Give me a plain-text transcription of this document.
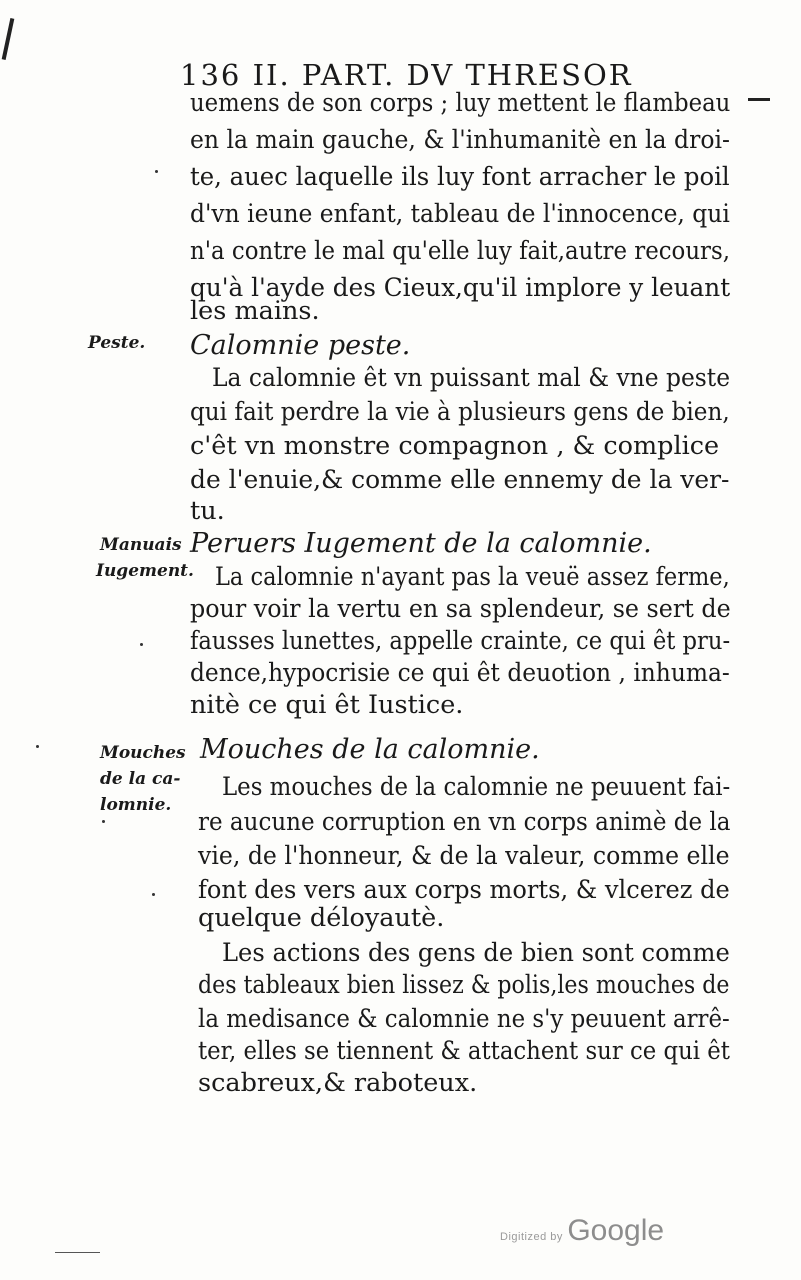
136 II. PART. DV THRESOR
Peste.
Manuais
Iugement.
Mouches
de la ca-
lomnie.
uemens de son corps ; luy mettent le flambeau
en la main gauche, & l'inhumanitè en la droi-
te, auec laquelle ils luy font arracher le poil
d'vn ieune enfant, tableau de l'innocence, qui
n'a contre le mal qu'elle luy fait,autre recours,
qu'à l'ayde des Cieux,qu'il implore y leuant
les mains.
Calomnie peste.
La calomnie êt vn puissant mal & vne peste
qui fait perdre la vie à plusieurs gens de bien,
c'êt vn monstre compagnon , & complice
de l'enuie,& comme elle ennemy de la ver-
tu.
Peruers Iugement de la calomnie.
La calomnie n'ayant pas la veuë assez ferme,
pour voir la vertu en sa splendeur, se sert de
fausses lunettes, appelle crainte, ce qui êt pru-
dence,hypocrisie ce qui êt deuotion , inhuma-
nitè ce qui êt Iustice.
Mouches de la calomnie.
Les mouches de la calomnie ne peuuent fai-
re aucune corruption en vn corps animè de la
vie, de l'honneur, & de la valeur, comme elle
font des vers aux corps morts, & vlcerez de
quelque déloyautè.
Les actions des gens de bien sont comme
des tableaux bien lissez & polis,les mouches de
la medisance & calomnie ne s'y peuuent arrê-
ter, elles se tiennent & attachent sur ce qui êt
scabreux,& raboteux.
Digitized by Google
